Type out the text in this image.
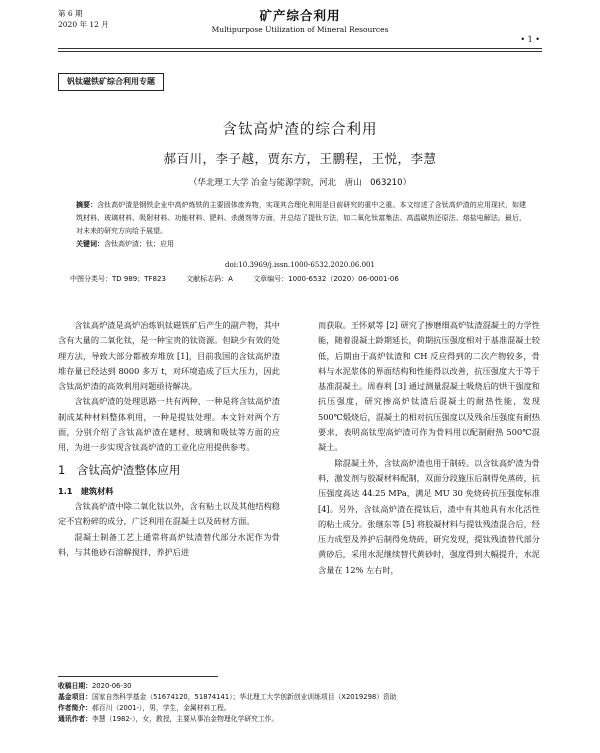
第 6 期
2020 年 12 月
矿产综合利用
Multipurpose Utilization of Mineral Resources
• 1 •
钒钛磁铁矿综合利用专题
含钛高炉渣的综合利用
郝百川，李子越，贾东方，王鹏程，王悦，李慧
（华北理工大学 冶金与能源学院，河北　唐山　063210）
摘要：含钛高炉渣是钢铁企业中高炉炼铁的主要固体废弃物，实现其合理化利用是目前研究的重中之重。本文综述了含钛高炉渣的应用现状，如建筑材料、玻璃材料、吸附材料、功能材料、肥料、杀菌剂等方面，并总结了提钛方法，如二氧化钛富集法、高温碳热还原法、熔盐电解法。最后，对未来的研究方向给予展望。
关键词：含钛高炉渣；钛；应用
doi:10.3969/j.issn.1000-6532.2020.06.001
中图分类号：TD 989；TF823	文献标志码：A	文章编号：1000-6532（2020）06-0001-06

含钛高炉渣是高炉冶炼钒钛磁铁矿后产生的副产物，其中含有大量的二氧化钛，是一种宝贵的钛资源。但缺少有效的处理方法，导致大部分都被弃堆放 [1]，目前我国的含钛高炉渣堆存量已经达到 8000 多万 t，对环境造成了巨大压力，因此含钛高炉渣的高效利用问题亟待解决。

含钛高炉渣的处理思路一共有两种，一种是将含钛高炉渣制成某种材料整体利用，一种是提钛处理。本文针对两个方面，分别介绍了含钛高炉渣在建材、玻璃和吸钛等方面的应用，为进一步实现含钛高炉渣的工业化应用提供参考。

1　含钛高炉渣整体应用
1.1　建筑材料

含钛高炉渣中除二氧化钛以外，含有粘土以及其他结构稳定不宜粉碎的成分，广泛利用在混凝土以及砖材方面。

混凝土制备工艺上通常将高炉钛渣替代部分水泥作为骨料，与其他砂石溶解搅拌，养护后进

而获取。王怀斌等 [2] 研究了掺磨细高炉钛渣混凝土的力学性能，随着混凝土龄期延长，荷期抗压强度相对于基准混凝土较低，后期由于高炉钛渣和 CH 反应得到的二次产物较多，骨料与水泥浆体的界面结构和性能得以改善，抗压强度大于等于基准混凝土。周春利 [3] 通过测量混凝土吸烧后的烘干强度和抗压强度，研究掺高炉钛渣后混凝土的耐热性能，发现 500℃煅烧后，混凝土的相对抗压强度以及残余压强度有耐热要求，表明高钛型高炉渣可作为骨料用以配制耐热 500℃混凝土。

除混凝土外，含钛高炉渣也用于制砖。以含钛高炉渣为骨料，激发剂与胶凝材料配制，双面分段施压后制得免蒸砖，抗压强度高达 44.25 MPa，满足 MU 30 免烧砖抗压强度标准 [4]。另外，含钛高炉渣在提钛后，渣中有其他具有水化活性的粘土成分。张继东等 [5] 将胶凝材料与提钛残渣混合后，经压力成型及养护后制得免烧砖，研究发现，提钛残渣替代部分黄砂后，采用水泥继续替代黄砂时，强度得到大幅提升，水泥含量在 12% 左右时，

收稿日期：2020-06-30
基金项目：国家自然科学基金（51674120，51874141）；华北理工大学创新创业训练项目（X2019298）资助
作者简介：郝百川（2001-），男，学生，金属材料工程。
通讯作者：李慧（1982-），女，教授，主要从事冶金物理化学研究工作。
